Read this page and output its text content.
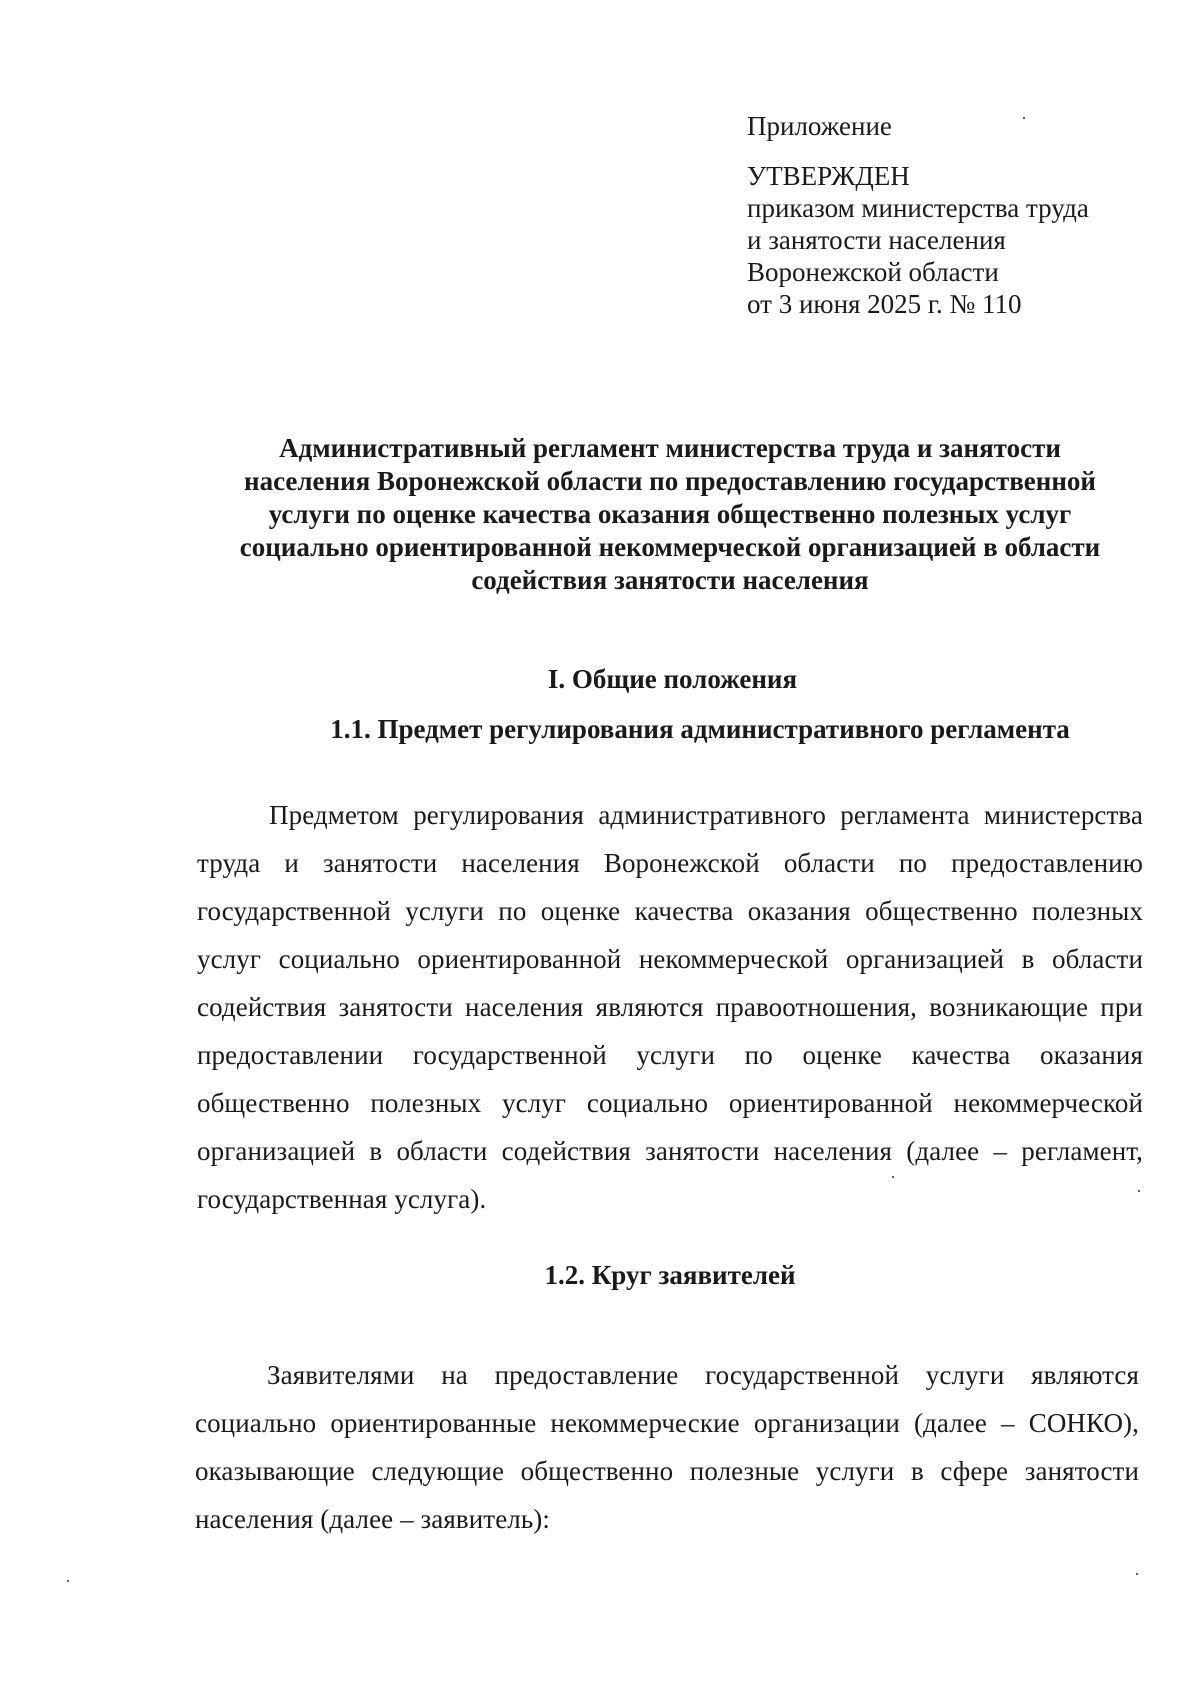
Приложение

УТВЕРЖДЕН

приказом министерства труда

и занятости населения

Воронежской области

от 3 июня 2025 г. № 110

Административный регламент министерства труда и занятости
населения Воронежской области по предоставлению государственной
услуги по оценке качества оказания общественно полезных услуг
социально ориентированной некоммерческой организацией в области
содействия занятости населения
I. Общие положения
1.1. Предмет регулирования административного регламента
Предметом регулирования административного регламента министерства труда и занятости населения Воронежской области по предоставлению государственной услуги по оценке качества оказания общественно полезных услуг социально ориентированной некоммерческой организацией в области содействия занятости населения являются правоотношения, возникающие при предоставлении государственной услуги по оценке качества оказания общественно полезных услуг социально ориентированной некоммерческой организацией в области содействия занятости населения (далее – регламент, государственная услуга).
1.2. Круг заявителей
Заявителями на предоставление государственной услуги являются социально ориентированные некоммерческие организации (далее – СОНКО), оказывающие следующие общественно полезные услуги в сфере занятости населения (далее – заявитель):
